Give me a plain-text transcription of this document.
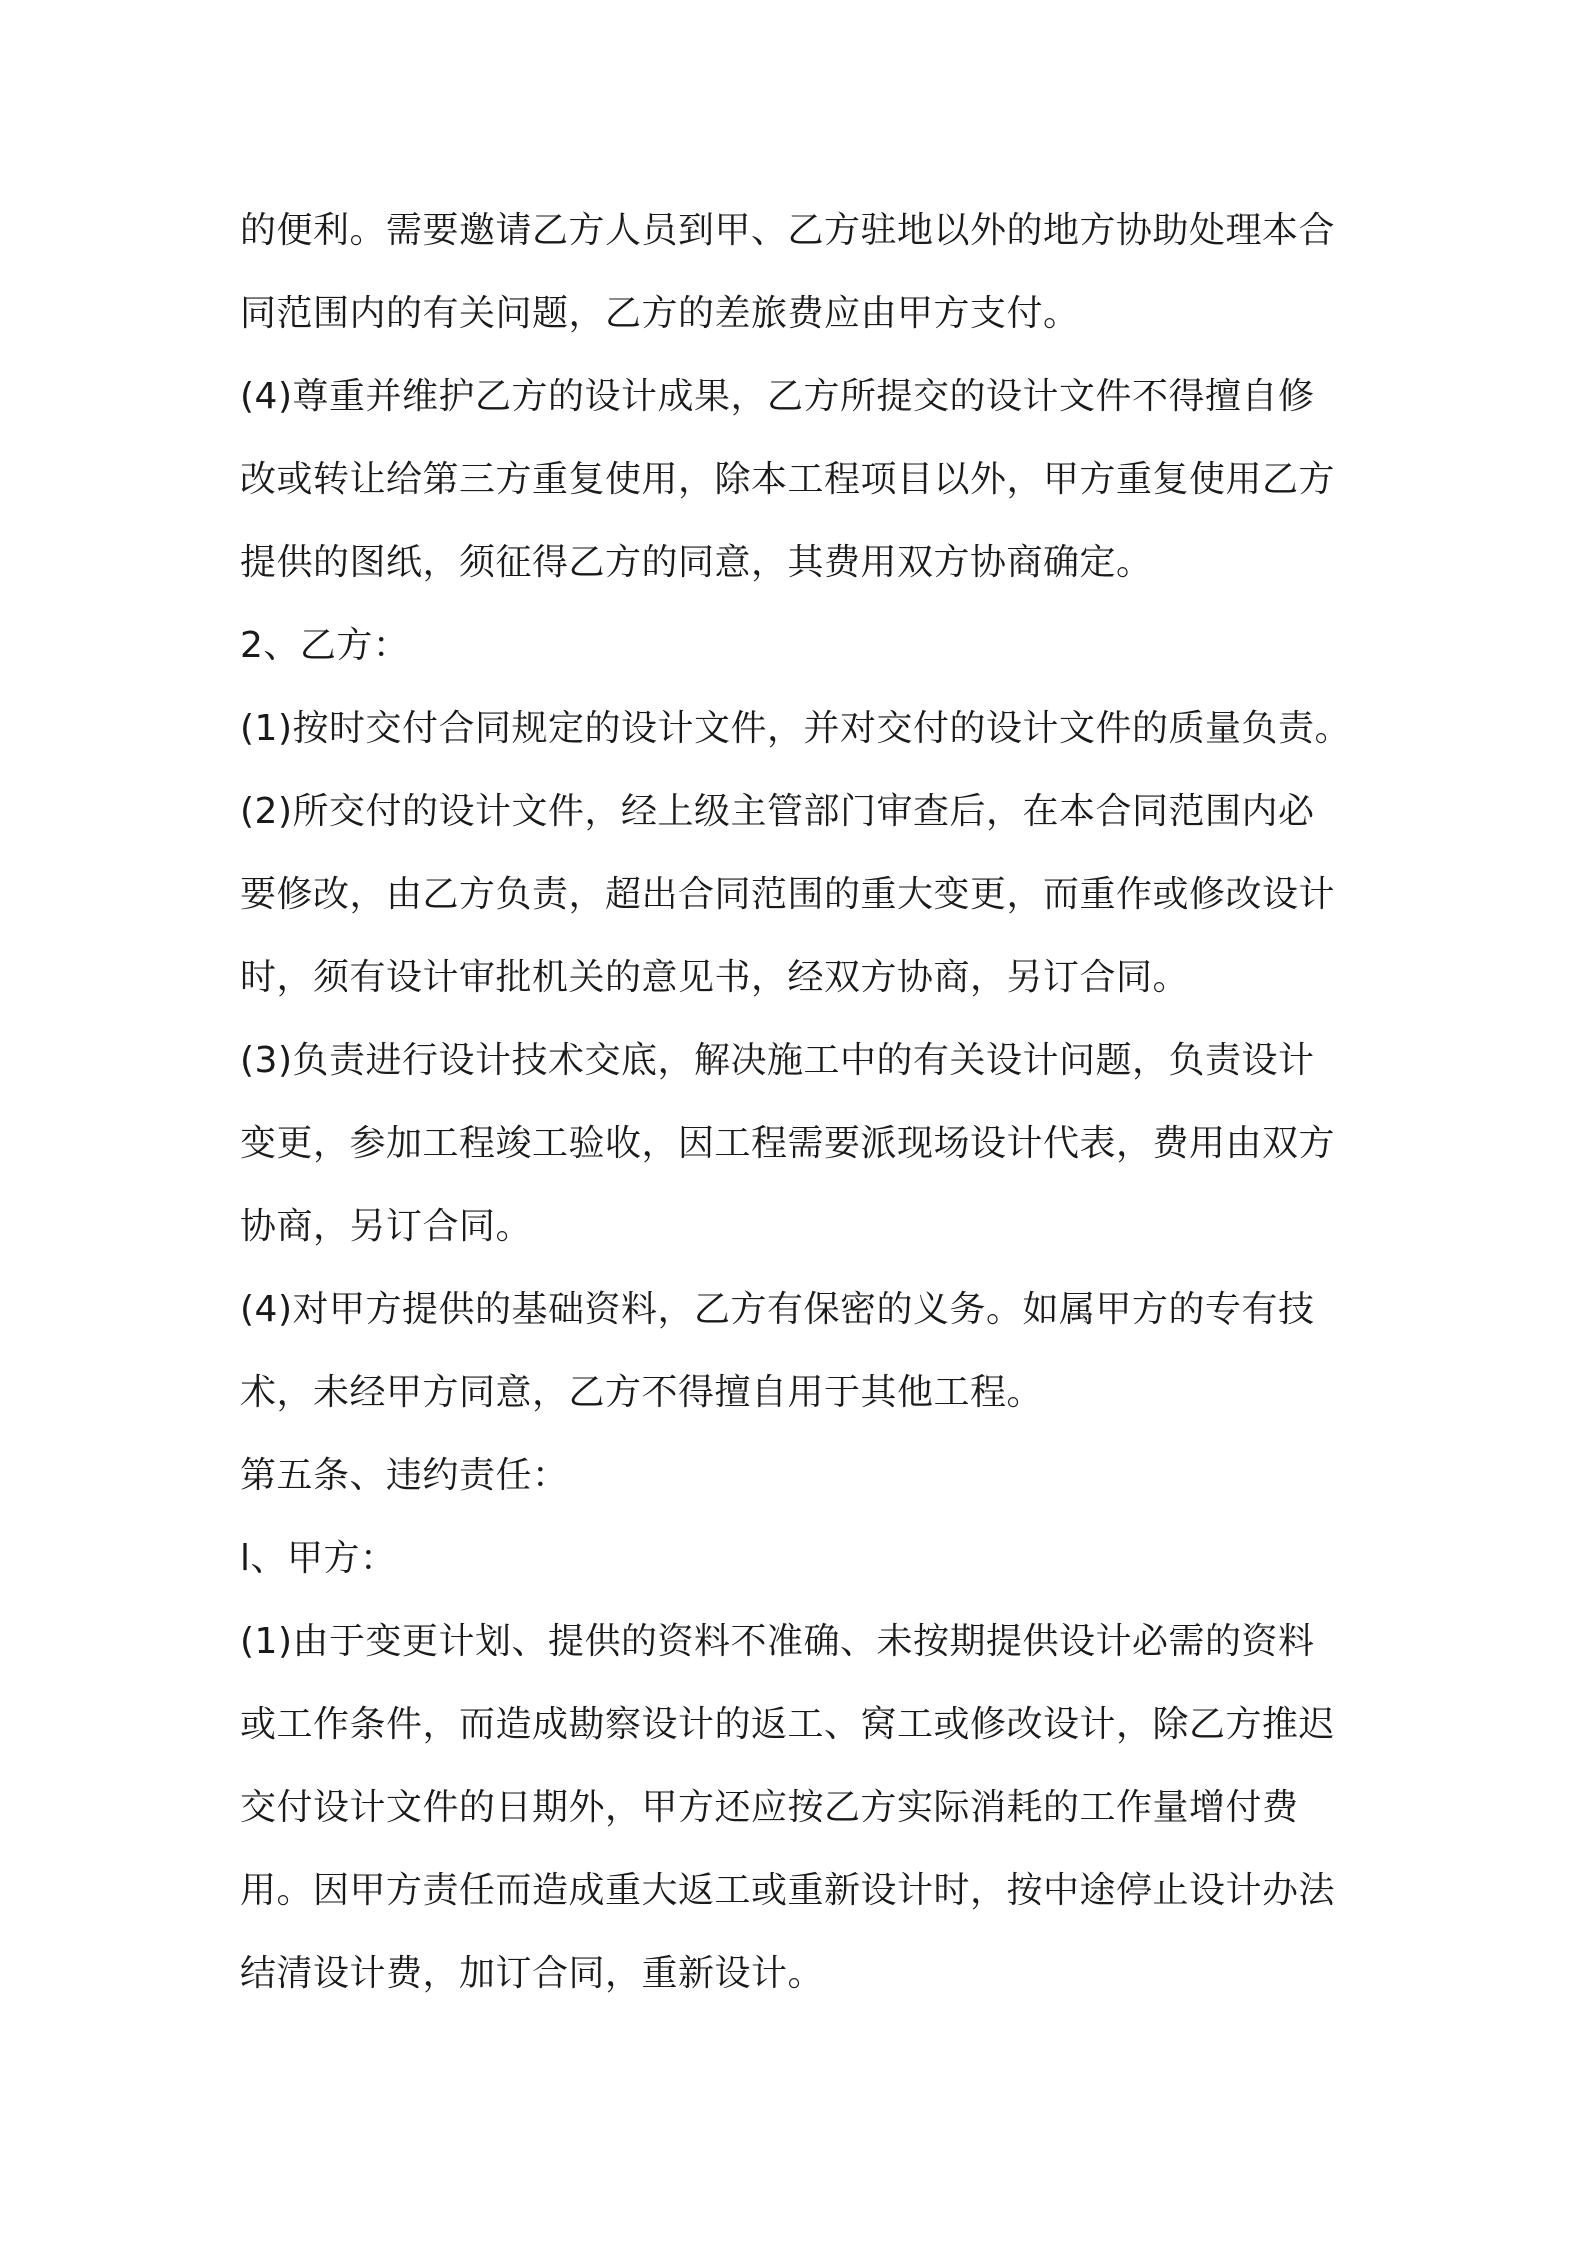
的便利。需要邀请乙方人员到甲、乙方驻地以外的地方协助处理本合
同范围内的有关问题，乙方的差旅费应由甲方支付。
(4)尊重并维护乙方的设计成果，乙方所提交的设计文件不得擅自修
改或转让给第三方重复使用，除本工程项目以外，甲方重复使用乙方
提供的图纸，须征得乙方的同意，其费用双方协商确定。
2、乙方：
(1)按时交付合同规定的设计文件，并对交付的设计文件的质量负责。
(2)所交付的设计文件，经上级主管部门审查后，在本合同范围内必
要修改，由乙方负责，超出合同范围的重大变更，而重作或修改设计
时，须有设计审批机关的意见书，经双方协商，另订合同。
(3)负责进行设计技术交底，解决施工中的有关设计问题，负责设计
变更，参加工程竣工验收，因工程需要派现场设计代表，费用由双方
协商，另订合同。
(4)对甲方提供的基础资料，乙方有保密的义务。如属甲方的专有技
术，未经甲方同意，乙方不得擅自用于其他工程。
第五条、违约责任：
l、甲方：
(1)由于变更计划、提供的资料不准确、未按期提供设计必需的资料
或工作条件，而造成勘察设计的返工、窝工或修改设计，除乙方推迟
交付设计文件的日期外，甲方还应按乙方实际消耗的工作量增付费
用。因甲方责任而造成重大返工或重新设计时，按中途停止设计办法
结清设计费，加订合同，重新设计。
